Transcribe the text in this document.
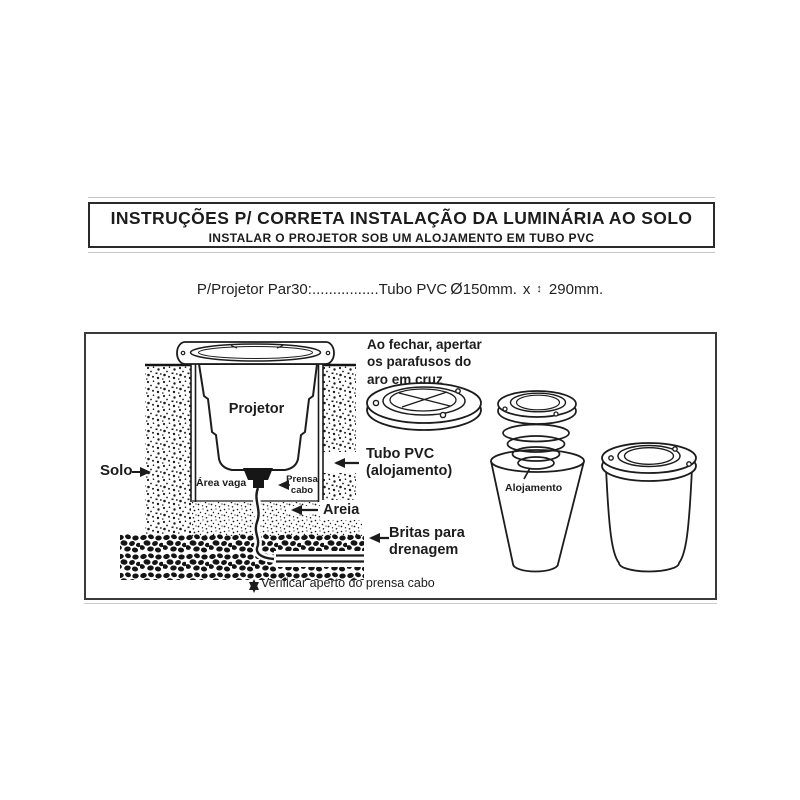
INSTRUÇÕES P/ CORRETA INSTALAÇÃO DA LUMINÁRIA AO SOLO
INSTALAR O PROJETOR SOB UM ALOJAMENTO EM TUBO PVC
P/Projetor Par30:................Tubo PVC Ø150mm. x ↕ 290mm.
Projetor
Solo
Área vaga	Prensa
cabo
Areia
Verificar aperto do prensa cabo
Ao fechar, apertar
os parafusos do
aro em cruz
Tubo PVC
(alojamento)
Britas para
drenagem
Alojamento
